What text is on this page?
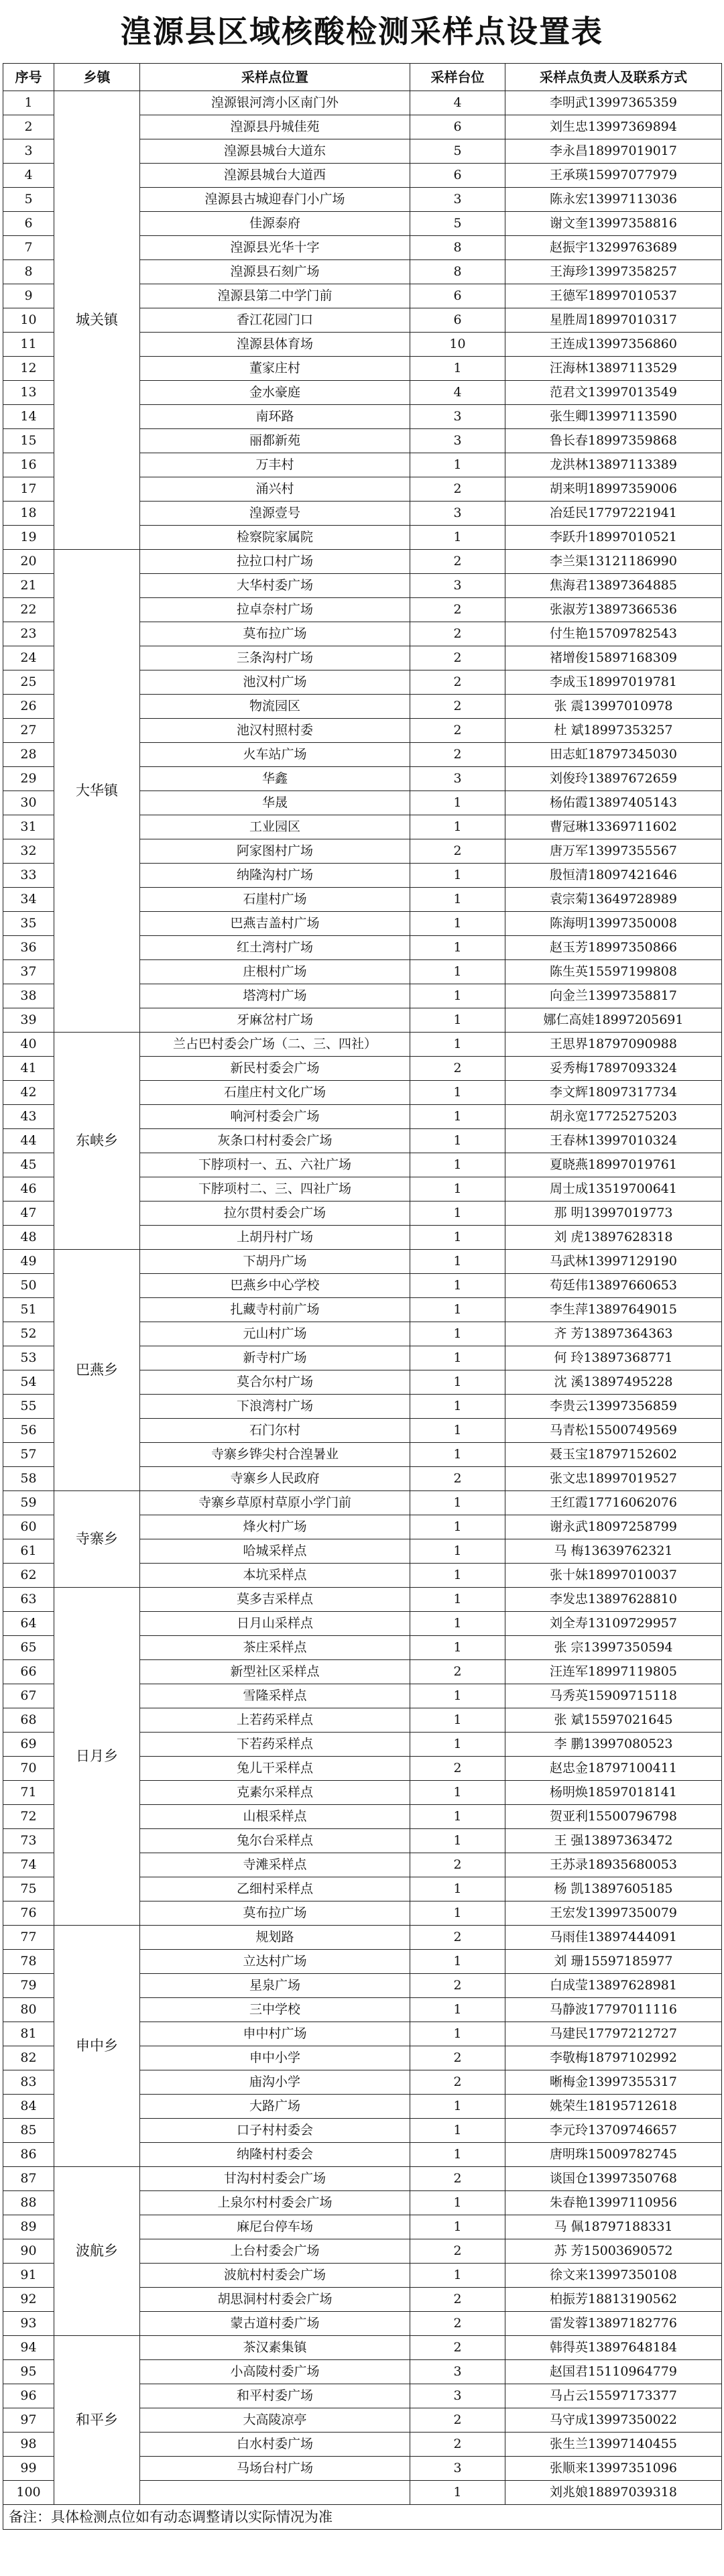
湟源县区域核酸检测采样点设置表
序号	乡镇	采样点位置	采样台位	采样点负责人及联系方式
1	城关镇	湟源银河湾小区南门外	4	李明武13997365359
2		湟源县丹城佳苑	6	刘生忠13997369894
3		湟源县城台大道东	5	李永昌18997019017
4		湟源县城台大道西	6	王承瑛15997077979
5		湟源县古城迎春门小广场	3	陈永宏13997113036
6		佳源泰府	5	谢文奎13997358816
7		湟源县光华十字	8	赵振宇13299763689
8		湟源县石刻广场	8	王海珍13997358257
9		湟源县第二中学门前	6	王德军18997010537
10		香江花园门口	6	星胜周18997010317
11		湟源县体育场	10	王连成13997356860
12		董家庄村	1	汪海林13897113529
13		金水豪庭	4	范君文13997013549
14		南环路	3	张生卿13997113590
15		丽都新苑	3	鲁长春18997359868
16		万丰村	1	龙洪林13897113389
17		涌兴村	2	胡来明18997359006
18		湟源壹号	3	冶廷民17797221941
19		检察院家属院	1	李跃升18997010521
20	大华镇	拉拉口村广场	2	李兰渠13121186990
21		大华村委广场	3	焦海君13897364885
22		拉卓奈村广场	2	张淑芳13897366536
23		莫布拉广场	2	付生艳15709782543
24		三条沟村广场	2	褚增俊15897168309
25		池汉村广场	2	李成玉18997019781
26		物流园区	2	张 震13997010978
27		池汉村照村委	2	杜 斌18997353257
28		火车站广场	2	田志虹18797345030
29		华鑫	3	刘俊玲13897672659
30		华晟	1	杨佑霞13897405143
31		工业园区	1	曹冠琳13369711602
32		阿家图村广场	2	唐万军13997355567
33		纳隆沟村广场	1	殷恒清18097421646
34		石崖村广场	1	袁宗菊13649728989
35		巴燕吉盖村广场	1	陈海明13997350008
36		红土湾村广场	1	赵玉芳18997350866
37		庄根村广场	1	陈生英15597199808
38		塔湾村广场	1	向金兰13997358817
39		牙麻岔村广场	1	娜仁高娃18997205691
40	东峡乡	兰占巴村委会广场（二、三、四社）	1	王思界18797090988
41		新民村委会广场	2	妥秀梅17897093324
42		石崖庄村文化广场	1	李文辉18097317734
43		响河村委会广场	1	胡永宽17725275203
44		灰条口村村委会广场	1	王春林13997010324
45		下脖项村一、五、六社广场	1	夏晓燕18997019761
46		下脖项村二、三、四社广场	1	周士成13519700641
47		拉尔贯村委会广场	1	那 明13997019773
48		上胡丹村广场	1	刘 虎13897628318
49	巴燕乡	下胡丹广场	1	马武林13997129190
50		巴燕乡中心学校	1	苟廷伟13897660653
51		扎藏寺村前广场	1	李生萍13897649015
52		元山村广场	1	齐 芳13897364363
53		新寺村广场	1	何 玲13897368771
54		莫合尔村广场	1	沈 溪13897495228
55		下浪湾村广场	1	李贵云13997356859
56		石门尔村	1	马青松15500749569
57		寺寨乡铧尖村合湟暑业	1	聂玉宝18797152602
58		寺寨乡人民政府	2	张文忠18997019527
59	寺寨乡	寺寨乡草原村草原小学门前	1	王红霞17716062076
60		烽火村广场	1	谢永武18097258799
61		哈城采样点	1	马 梅13639762321
62		本坑采样点	1	张十妹18997010037
63	日月乡	莫多吉采样点	1	李发忠13897628810
64		日月山采样点	1	刘全寿13109729957
65		茶庄采样点	1	张 宗13997350594
66		新型社区采样点	2	汪连军18997119805
67		雪隆采样点	1	马秀英15909715118
68		上若药采样点	1	张 斌15597021645
69		下若药采样点	1	李 鹏13997080523
70		兔儿干采样点	2	赵忠金18797100411
71		克素尔采样点	1	杨明焕18597018141
72		山根采样点	1	贺亚利15500796798
73		兔尔台采样点	1	王 强13897363472
74		寺滩采样点	2	王苏录18935680053
75		乙细村采样点	1	杨 凯13897605185
76		莫布拉广场	1	王宏发13997350079
77	申中乡	规划路	2	马雨佳13897444091
78		立达村广场	1	刘 珊15597185977
79		星泉广场	2	白成莹13897628981
80		三中学校	1	马静波17797011116
81		申中村广场	1	马建民17797212727
82		申中小学	2	李敬梅18797102992
83		庙沟小学	2	晰梅金13997355317
84		大路广场	1	姚荣生18195712618
85		口子村村委会	1	李元玲13709746657
86		纳隆村村委会	1	唐明珠15009782745
87	波航乡	甘沟村村委会广场	2	谈国仓13997350768
88		上泉尔村村委会广场	1	朱春艳13997110956
89		麻尼台停车场	1	马 佩18797188331
90		上台村委会广场	2	苏 芳15003690572
91		波航村村委会广场	1	徐文来13997350108
92		胡思洞村村委会广场	2	柏振芳18813190562
93		蒙古道村委广场	2	雷发蓉13897182776
94	和平乡	茶汉素集镇	2	韩得英13897648184
95		小高陵村委广场	3	赵国君15110964779
96		和平村委广场	3	马占云15597173377
97		大高陵凉亭	2	马守成13997350022
98		白水村委广场	2	张生兰13997140455
99		马场台村广场	3	张顺来13997351096
100			1	刘兆娘18897039318
备注：具体检测点位如有动态调整请以实际情况为准				
